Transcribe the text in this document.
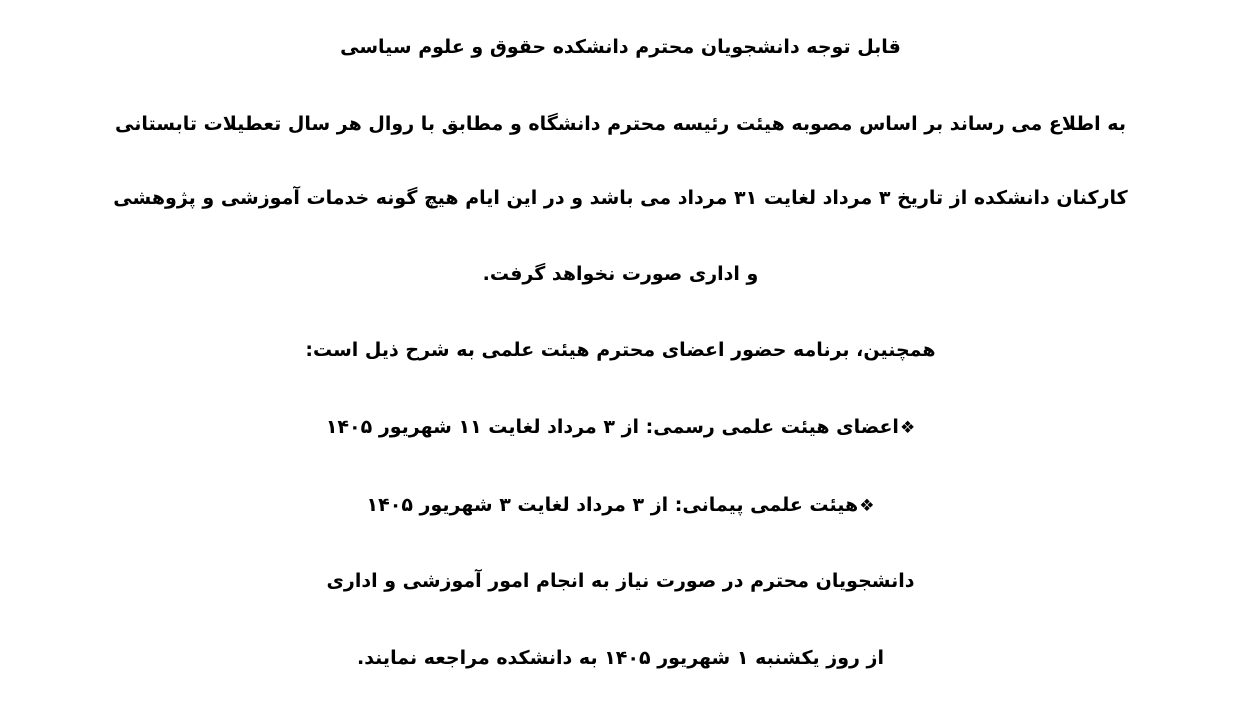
قابل توجه دانشجویان محترم دانشکده حقوق و علوم سیاسی
به اطلاع می رساند بر اساس مصوبه هیئت رئیسه محترم دانشگاه و مطابق با روال هر سال تعطیلات تابستانی
کارکنان دانشکده از تاریخ ۳ مرداد لغایت ۳۱ مرداد می باشد و در این ایام هیچ گونه خدمات آموزشی و پژوهشی
و اداری صورت نخواهد گرفت.
همچنین، برنامه حضور اعضای محترم هیئت علمی به شرح ذیل است:
❖اعضای هیئت علمی رسمی: از ۳ مرداد لغایت ۱۱ شهریور ۱۴۰۵
❖هیئت علمی پیمانی: از ۳ مرداد لغایت ۳ شهریور ۱۴۰۵
دانشجویان محترم در صورت نیاز به انجام امور آموزشی و اداری
از روز یکشنبه ۱ شهریور ۱۴۰۵ به دانشکده مراجعه نمایند.
